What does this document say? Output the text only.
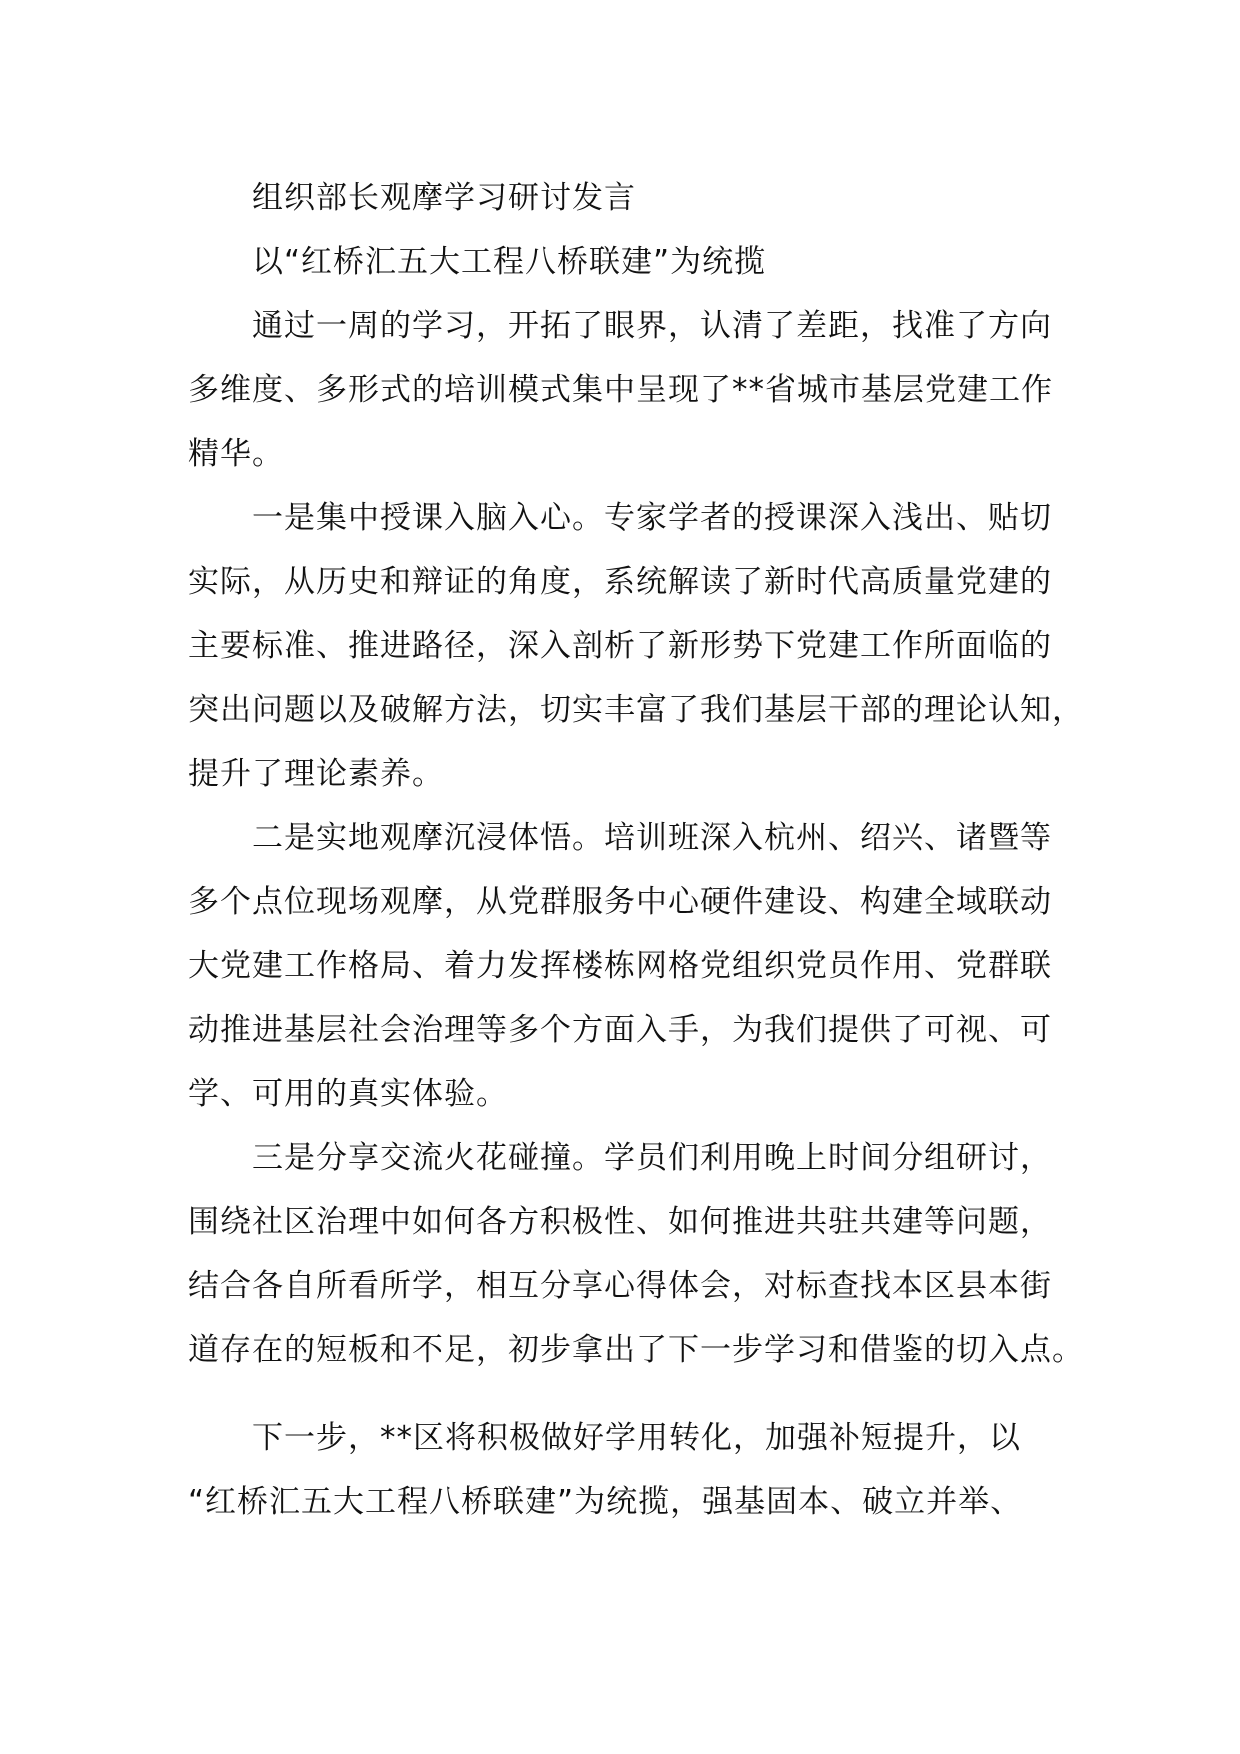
组织部长观摩学习研讨发言
以“红桥汇五大工程八桥联建”为统揽
通过一周的学习，开拓了眼界，认清了差距，找准了方向
多维度、多形式的培训模式集中呈现了**省城市基层党建工作
精华。
一是集中授课入脑入心。专家学者的授课深入浅出、贴切
实际，从历史和辩证的角度，系统解读了新时代高质量党建的
主要标准、推进路径，深入剖析了新形势下党建工作所面临的
突出问题以及破解方法，切实丰富了我们基层干部的理论认知，
提升了理论素养。
二是实地观摩沉浸体悟。培训班深入杭州、绍兴、诸暨等
多个点位现场观摩，从党群服务中心硬件建设、构建全域联动
大党建工作格局、着力发挥楼栋网格党组织党员作用、党群联
动推进基层社会治理等多个方面入手，为我们提供了可视、可
学、可用的真实体验。
三是分享交流火花碰撞。学员们利用晚上时间分组研讨，
围绕社区治理中如何各方积极性、如何推进共驻共建等问题，
结合各自所看所学，相互分享心得体会，对标查找本区县本街
道存在的短板和不足，初步拿出了下一步学习和借鉴的切入点。
下一步，**区将积极做好学用转化，加强补短提升，以
“红桥汇五大工程八桥联建”为统揽，强基固本、破立并举、
